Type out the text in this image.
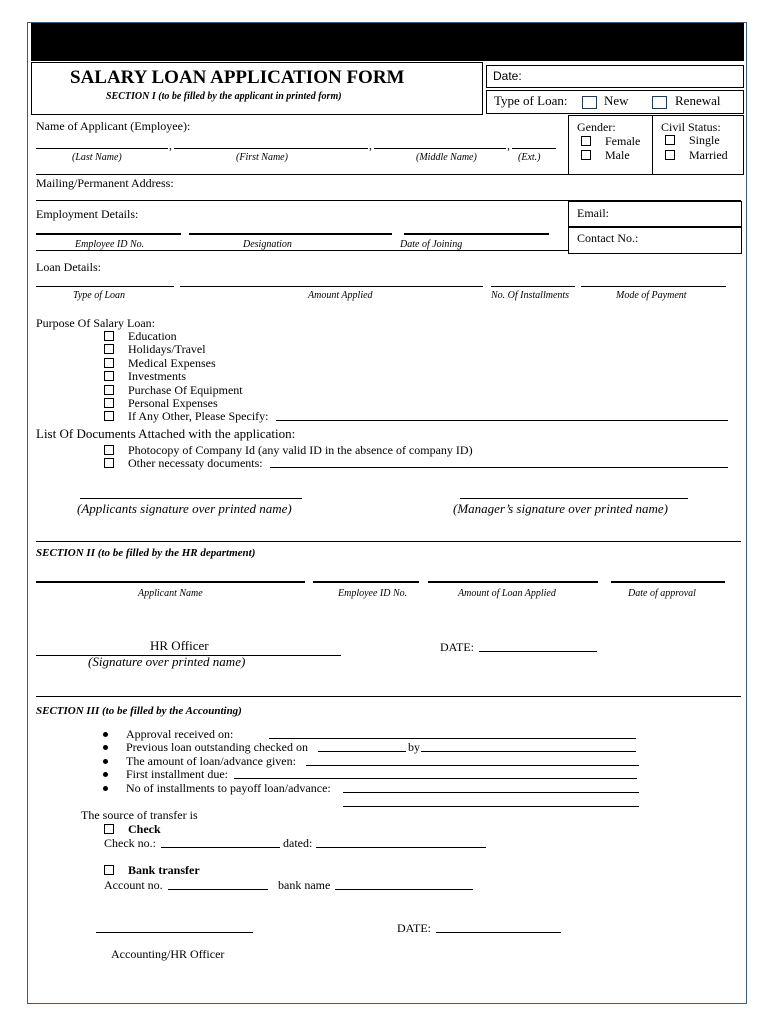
SALARY LOAN APPLICATION FORM
SECTION I (to be filled by the applicant in printed form)
Date:
Type of Loan:	New	Renewal
Name of Applicant (Employee):
,	,	,
(Last Name)	(First Name)	(Middle Name)	(Ext.)
Gender:
Female
Male
Civil Status:
Single
Married
Mailing/Permanent Address:
Employment Details:
Employee ID No.	Designation	Date of Joining
Email:
Contact No.:
Loan Details:
Type of Loan	Amount Applied	No. Of Installments	Mode of Payment
Purpose Of Salary Loan:
Education
Holidays/Travel
Medical Expenses
Investments
Purchase Of Equipment
Personal Expenses
If Any Other, Please Specify:
List Of Documents Attached with the application:
Photocopy of Company Id (any valid ID in the absence of company ID)
Other necessaty documents:
(Applicants signature over printed name)	(Manager’s signature over printed name)
SECTION II (to be filled by the HR department)
Applicant Name	Employee ID No.	Amount of Loan Applied	Date of approval
HR Officer
(Signature over printed name)
DATE:
SECTION III (to be filled by the Accounting)
Approval received on:
Previous loan outstanding checked on	by
The amount of loan/advance given:
First installment due:
No of installments to payoff loan/advance:
The source of transfer is
Check
Check no.:	dated:
Bank transfer
Account no.	bank name
DATE:
Accounting/HR Officer
